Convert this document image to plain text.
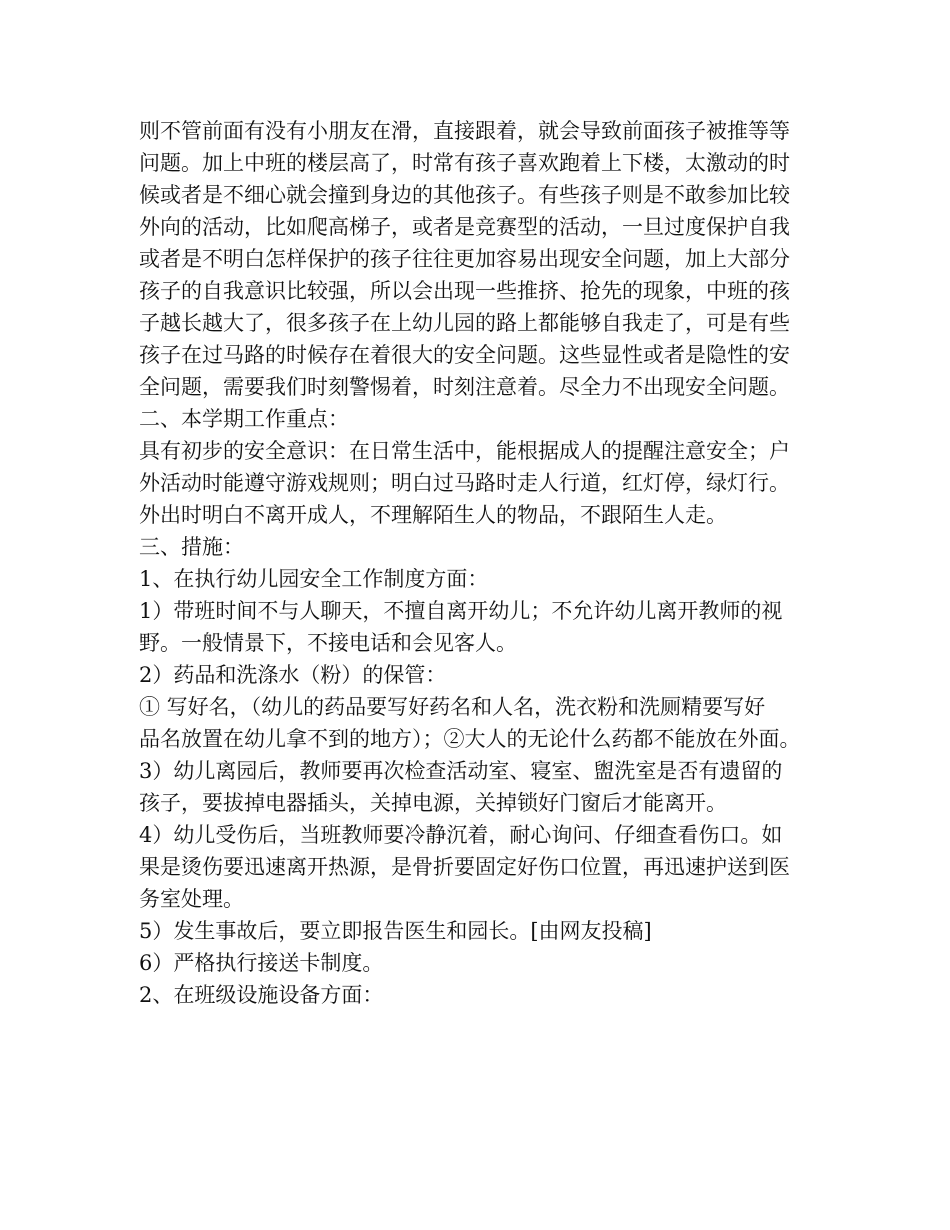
则不管前面有没有小朋友在滑，直接跟着，就会导致前面孩子被推等等

问题。加上中班的楼层高了，时常有孩子喜欢跑着上下楼，太激动的时

候或者是不细心就会撞到身边的其他孩子。有些孩子则是不敢参加比较

外向的活动，比如爬高梯子，或者是竞赛型的活动，一旦过度保护自我

或者是不明白怎样保护的孩子往往更加容易出现安全问题，加上大部分

孩子的自我意识比较强，所以会出现一些推挤、抢先的现象，中班的孩

子越长越大了，很多孩子在上幼儿园的路上都能够自我走了，可是有些

孩子在过马路的时候存在着很大的安全问题。这些显性或者是隐性的安

全问题，需要我们时刻警惕着，时刻注意着。尽全力不出现安全问题。

二、本学期工作重点：

具有初步的安全意识：在日常生活中，能根据成人的提醒注意安全；户

外活动时能遵守游戏规则；明白过马路时走人行道，红灯停，绿灯行。

外出时明白不离开成人，不理解陌生人的物品，不跟陌生人走。

三、措施：

1、在执行幼儿园安全工作制度方面：

1）带班时间不与人聊天，不擅自离开幼儿；不允许幼儿离开教师的视

野。一般情景下，不接电话和会见客人。

2）药品和洗涤水（粉）的保管：

① 写好名，（幼儿的药品要写好药名和人名，洗衣粉和洗厕精要写好

品名放置在幼儿拿不到的地方）；②大人的无论什么药都不能放在外面。

3）幼儿离园后，教师要再次检查活动室、寝室、盥洗室是否有遗留的

孩子，要拔掉电器插头，关掉电源，关掉锁好门窗后才能离开。

4）幼儿受伤后，当班教师要冷静沉着，耐心询问、仔细查看伤口。如

果是烫伤要迅速离开热源，是骨折要固定好伤口位置，再迅速护送到医

务室处理。

5）发生事故后，要立即报告医生和园长。[由网友投稿]

6）严格执行接送卡制度。

2、在班级设施设备方面：
